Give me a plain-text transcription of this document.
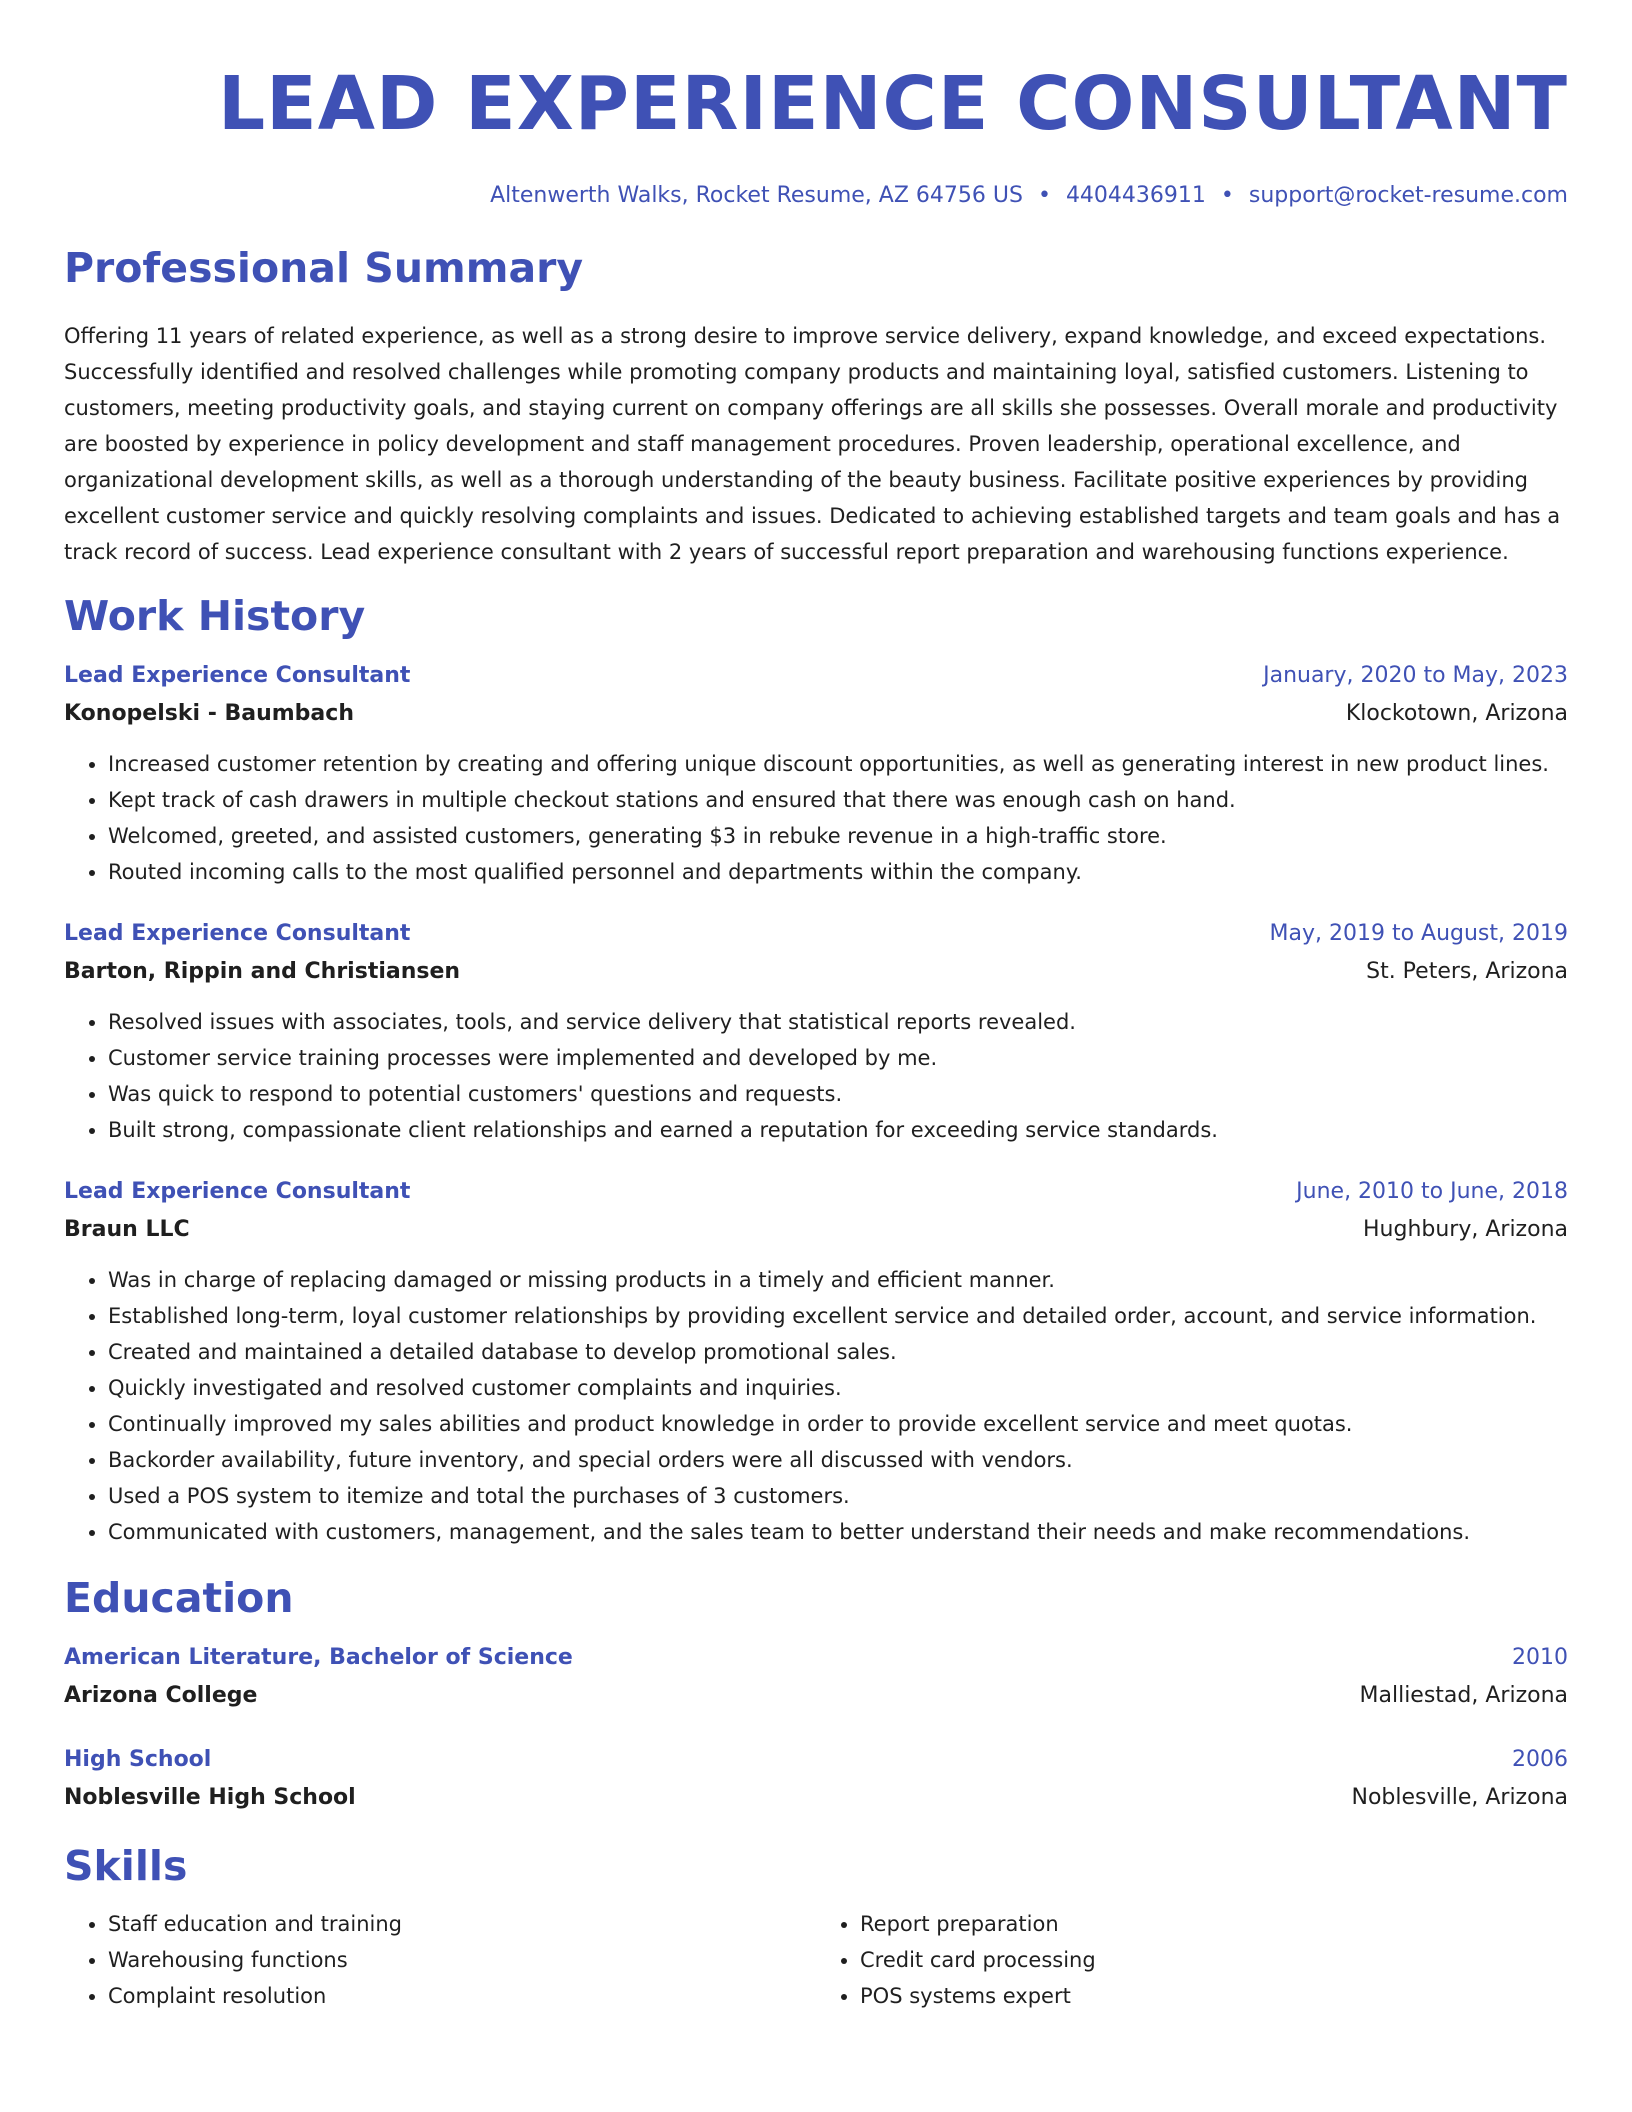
LEAD EXPERIENCE CONSULTANT
Altenwerth Walks, Rocket Resume, AZ 64756 US • 4404436911 • support@rocket-resume.com
Professional Summary

Offering 11 years of related experience, as well as a strong desire to improve service delivery, expand knowledge, and exceed expectations. Successfully identified and resolved challenges while promoting company products and maintaining loyal, satisfied customers. Listening to customers, meeting productivity goals, and staying current on company offerings are all skills she possesses. Overall morale and productivity are boosted by experience in policy development and staff management procedures. Proven leadership, operational excellence, and organizational development skills, as well as a thorough understanding of the beauty business. Facilitate positive experiences by providing excellent customer service and quickly resolving complaints and issues. Dedicated to achieving established targets and team goals and has a track record of success. Lead experience consultant with 2 years of successful report preparation and warehousing functions experience.

Work History
Lead Experience Consultant	January, 2020 to May, 2023
Konopelski - Baumbach	Klockotown, Arizona
• Increased customer retention by creating and offering unique discount opportunities, as well as generating interest in new product lines.
• Kept track of cash drawers in multiple checkout stations and ensured that there was enough cash on hand.
• Welcomed, greeted, and assisted customers, generating $3 in rebuke revenue in a high-traffic store.
• Routed incoming calls to the most qualified personnel and departments within the company.
Lead Experience Consultant	May, 2019 to August, 2019
Barton, Rippin and Christiansen	St. Peters, Arizona
• Resolved issues with associates, tools, and service delivery that statistical reports revealed.
• Customer service training processes were implemented and developed by me.
• Was quick to respond to potential customers' questions and requests.
• Built strong, compassionate client relationships and earned a reputation for exceeding service standards.
Lead Experience Consultant	June, 2010 to June, 2018
Braun LLC	Hughbury, Arizona
• Was in charge of replacing damaged or missing products in a timely and efficient manner.
• Established long-term, loyal customer relationships by providing excellent service and detailed order, account, and service information.
• Created and maintained a detailed database to develop promotional sales.
• Quickly investigated and resolved customer complaints and inquiries.
• Continually improved my sales abilities and product knowledge in order to provide excellent service and meet quotas.
• Backorder availability, future inventory, and special orders were all discussed with vendors.
• Used a POS system to itemize and total the purchases of 3 customers.
• Communicated with customers, management, and the sales team to better understand their needs and make recommendations.
Education
American Literature, Bachelor of Science	2010
Arizona College	Malliestad, Arizona
High School	2006
Noblesville High School	Noblesville, Arizona
Skills
• Staff education and training
• Warehousing functions
• Complaint resolution
• Report preparation
• Credit card processing
• POS systems expert
